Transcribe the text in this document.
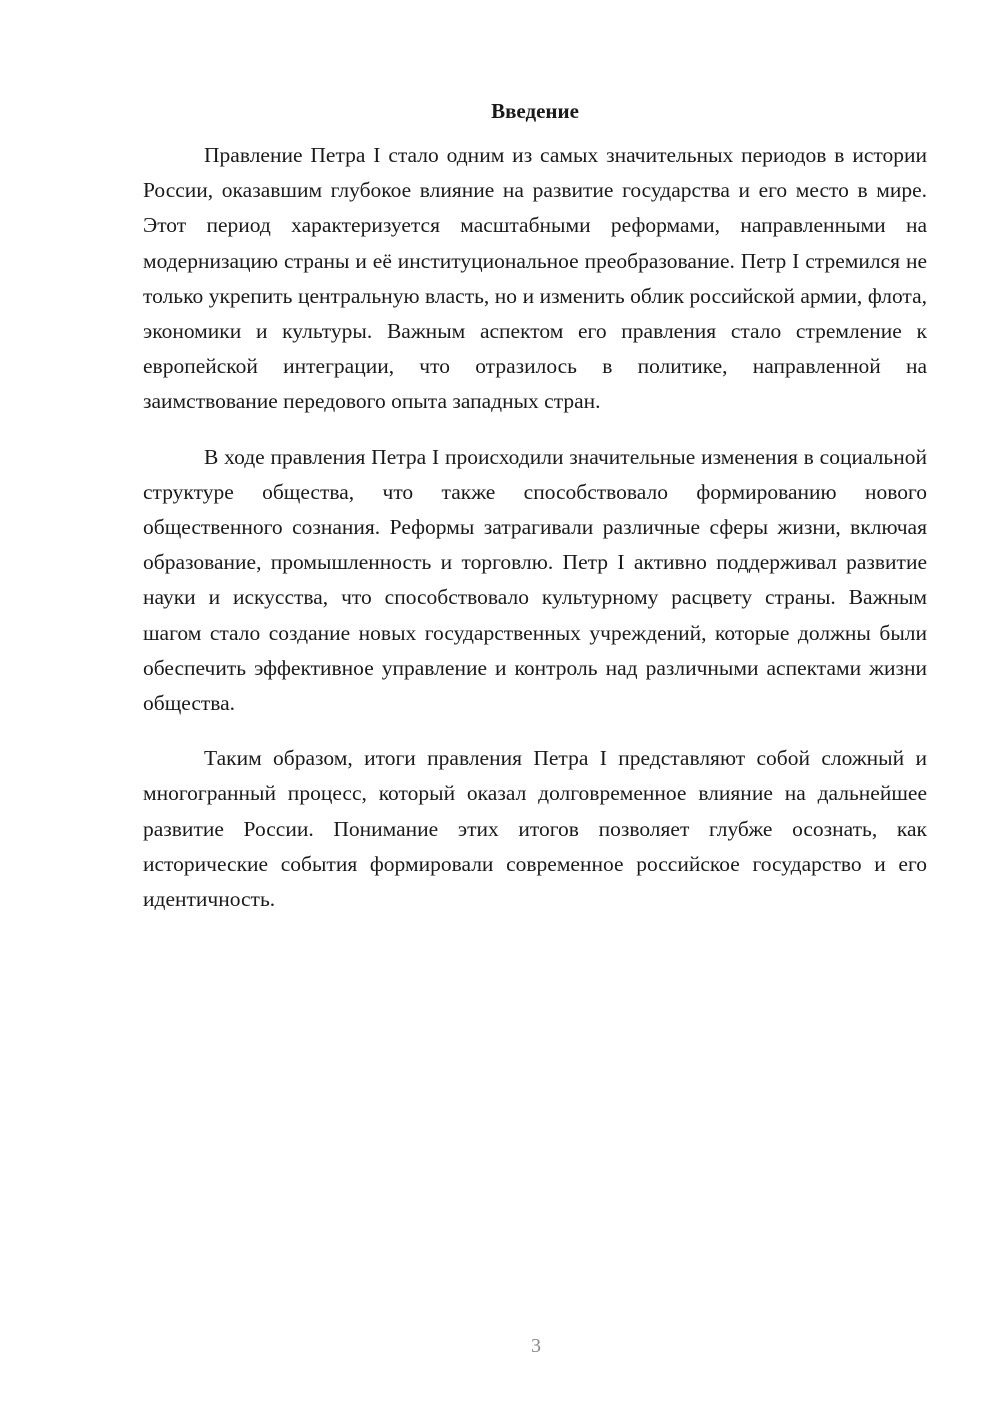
Введение

Правление Петра I стало одним из самых значительных периодов в истории России, оказавшим глубокое влияние на развитие государства и его место в мире. Этот период характеризуется масштабными реформами, направленными на модернизацию страны и её институциональное преобразование. Петр I стремился не только укрепить центральную власть, но и изменить облик российской армии, флота, экономики и культуры. Важным аспектом его правления стало стремление к европейской интеграции, что отразилось в политике, направленной на заимствование передового опыта западных стран.

В ходе правления Петра I происходили значительные изменения в социальной структуре общества, что также способствовало формированию нового общественного сознания. Реформы затрагивали различные сферы жизни, включая образование, промышленность и торговлю. Петр I активно поддерживал развитие науки и искусства, что способствовало культурному расцвету страны. Важным шагом стало создание новых государственных учреждений, которые должны были обеспечить эффективное управление и контроль над различными аспектами жизни общества.

Таким образом, итоги правления Петра I представляют собой сложный и многогранный процесс, который оказал долговременное влияние на дальнейшее развитие России. Понимание этих итогов позволяет глубже осознать, как исторические события формировали современное российское государство и его идентичность.

3
